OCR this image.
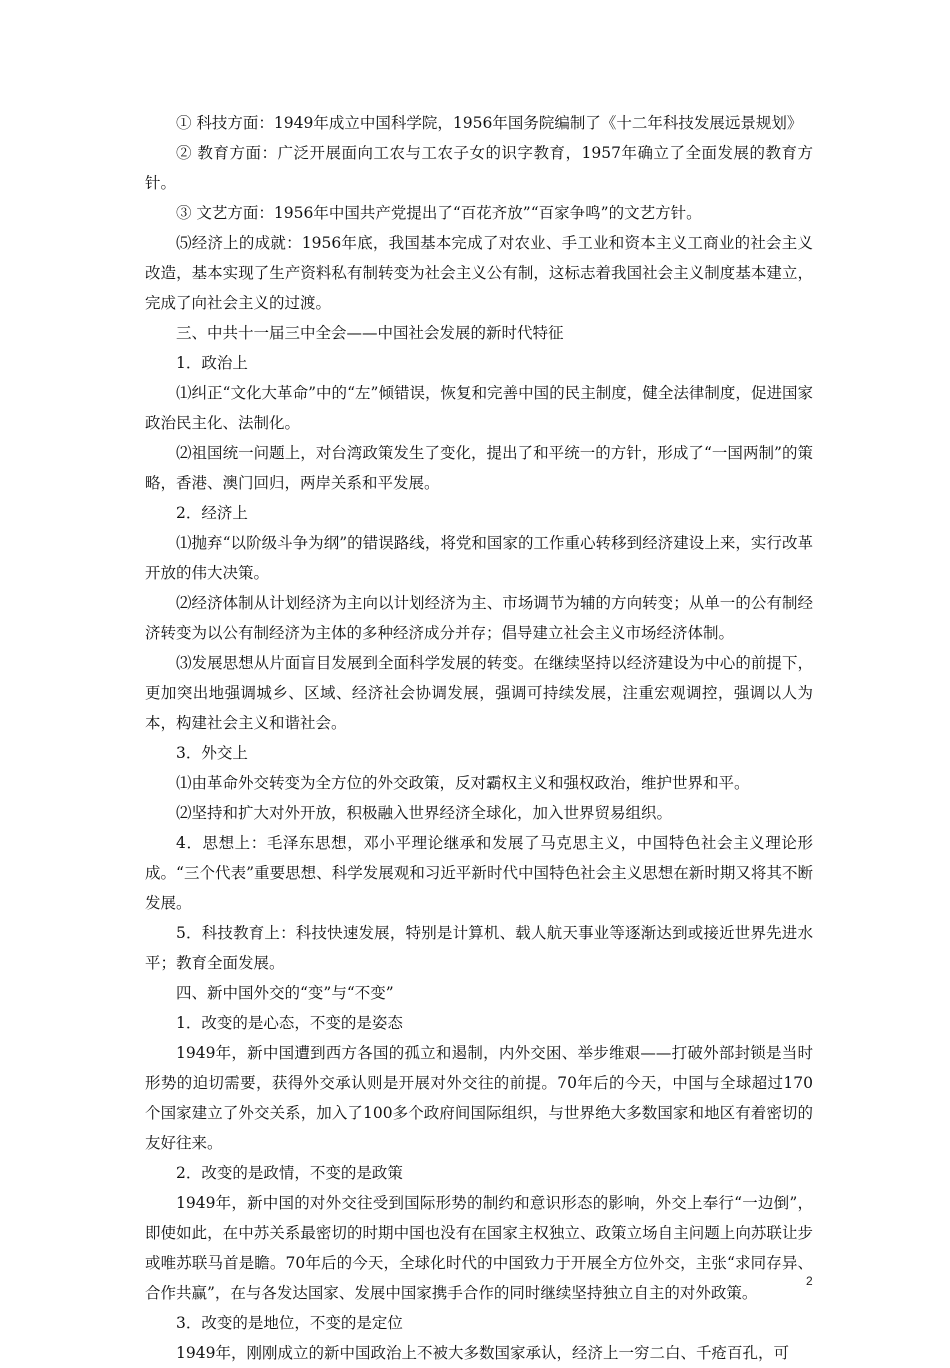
① 科技方面：1949年成立中国科学院，1956年国务院编制了《十二年科技发展远景规划》

② 教育方面：广泛开展面向工农与工农子女的识字教育，1957年确立了全面发展的教育方针。

③ 文艺方面：1956年中国共产党提出了“百花齐放”“百家争鸣”的文艺方针。

⑸经济上的成就：1956年底，我国基本完成了对农业、手工业和资本主义工商业的社会主义改造，基本实现了生产资料私有制转变为社会主义公有制，这标志着我国社会主义制度基本建立，完成了向社会主义的过渡。

三、中共十一届三中全会——中国社会发展的新时代特征

1．政治上

⑴纠正“文化大革命”中的“左”倾错误，恢复和完善中国的民主制度，健全法律制度，促进国家政治民主化、法制化。

⑵祖国统一问题上，对台湾政策发生了变化，提出了和平统一的方针，形成了“一国两制”的策略，香港、澳门回归，两岸关系和平发展。

2．经济上

⑴抛弃“以阶级斗争为纲”的错误路线，将党和国家的工作重心转移到经济建设上来，实行改革开放的伟大决策。

⑵经济体制从计划经济为主向以计划经济为主、市场调节为辅的方向转变；从单一的公有制经济转变为以公有制经济为主体的多种经济成分并存；倡导建立社会主义市场经济体制。

⑶发展思想从片面盲目发展到全面科学发展的转变。在继续坚持以经济建设为中心的前提下，更加突出地强调城乡、区域、经济社会协调发展，强调可持续发展，注重宏观调控，强调以人为本，构建社会主义和谐社会。

3．外交上

⑴由革命外交转变为全方位的外交政策，反对霸权主义和强权政治，维护世界和平。

⑵坚持和扩大对外开放，积极融入世界经济全球化，加入世界贸易组织。

4．思想上：毛泽东思想，邓小平理论继承和发展了马克思主义，中国特色社会主义理论形成。“三个代表”重要思想、科学发展观和习近平新时代中国特色社会主义思想在新时期又将其不断发展。

5．科技教育上：科技快速发展，特别是计算机、载人航天事业等逐渐达到或接近世界先进水平；教育全面发展。

四、新中国外交的“变”与“不变”

1．改变的是心态，不变的是姿态

1949年，新中国遭到西方各国的孤立和遏制，内外交困、举步维艰——打破外部封锁是当时形势的迫切需要，获得外交承认则是开展对外交往的前提。70年后的今天，中国与全球超过170个国家建立了外交关系，加入了100多个政府间国际组织，与世界绝大多数国家和地区有着密切的友好往来。

2．改变的是政情，不变的是政策

1949年，新中国的对外交往受到国际形势的制约和意识形态的影响，外交上奉行“一边倒”，即使如此，在中苏关系最密切的时期中国也没有在国家主权独立、政策立场自主问题上向苏联让步或唯苏联马首是瞻。70年后的今天，全球化时代的中国致力于开展全方位外交，主张“求同存异、合作共赢”，在与各发达国家、发展中国家携手合作的同时继续坚持独立自主的对外政策。

3．改变的是地位，不变的是定位

1949年，刚刚成立的新中国政治上不被大多数国家承认，经济上一穷二白、千疮百孔，可

2
